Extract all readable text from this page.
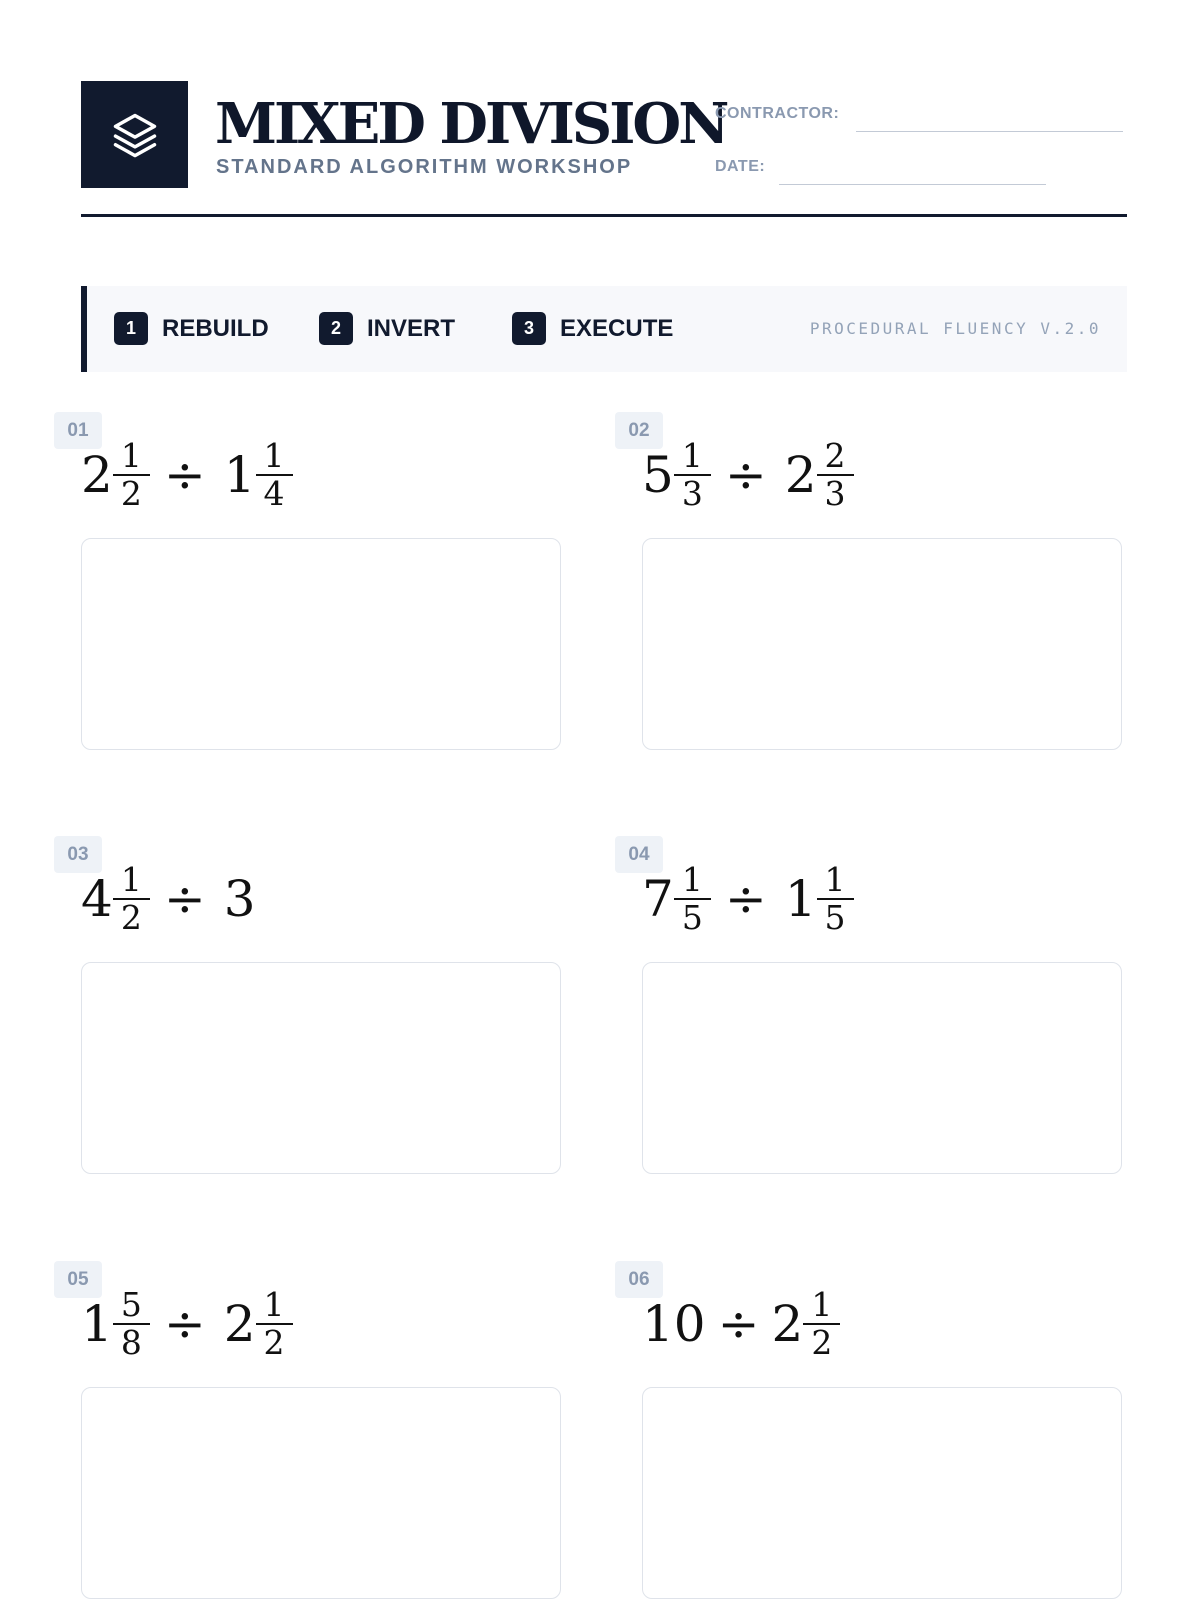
MIXED DIVISION
STANDARD ALGORITHM WORKSHOP
CONTRACTOR:
DATE:
1	REBUILD	2	INVERT	3	EXECUTE	PROCEDURAL FLUENCY V.2.0
01
$2 \frac{1}{2} \div 1 \frac{1}{4}$
02
$5 \frac{1}{3} \div 2 \frac{2}{3}$
03
$4 \frac{1}{2} \div 3$
04
$7 \frac{1}{5} \div 1 \frac{1}{5}$
05
$1 \frac{5}{8} \div 2 \frac{1}{2}$
06
$10 \div 2 \frac{1}{2}$
